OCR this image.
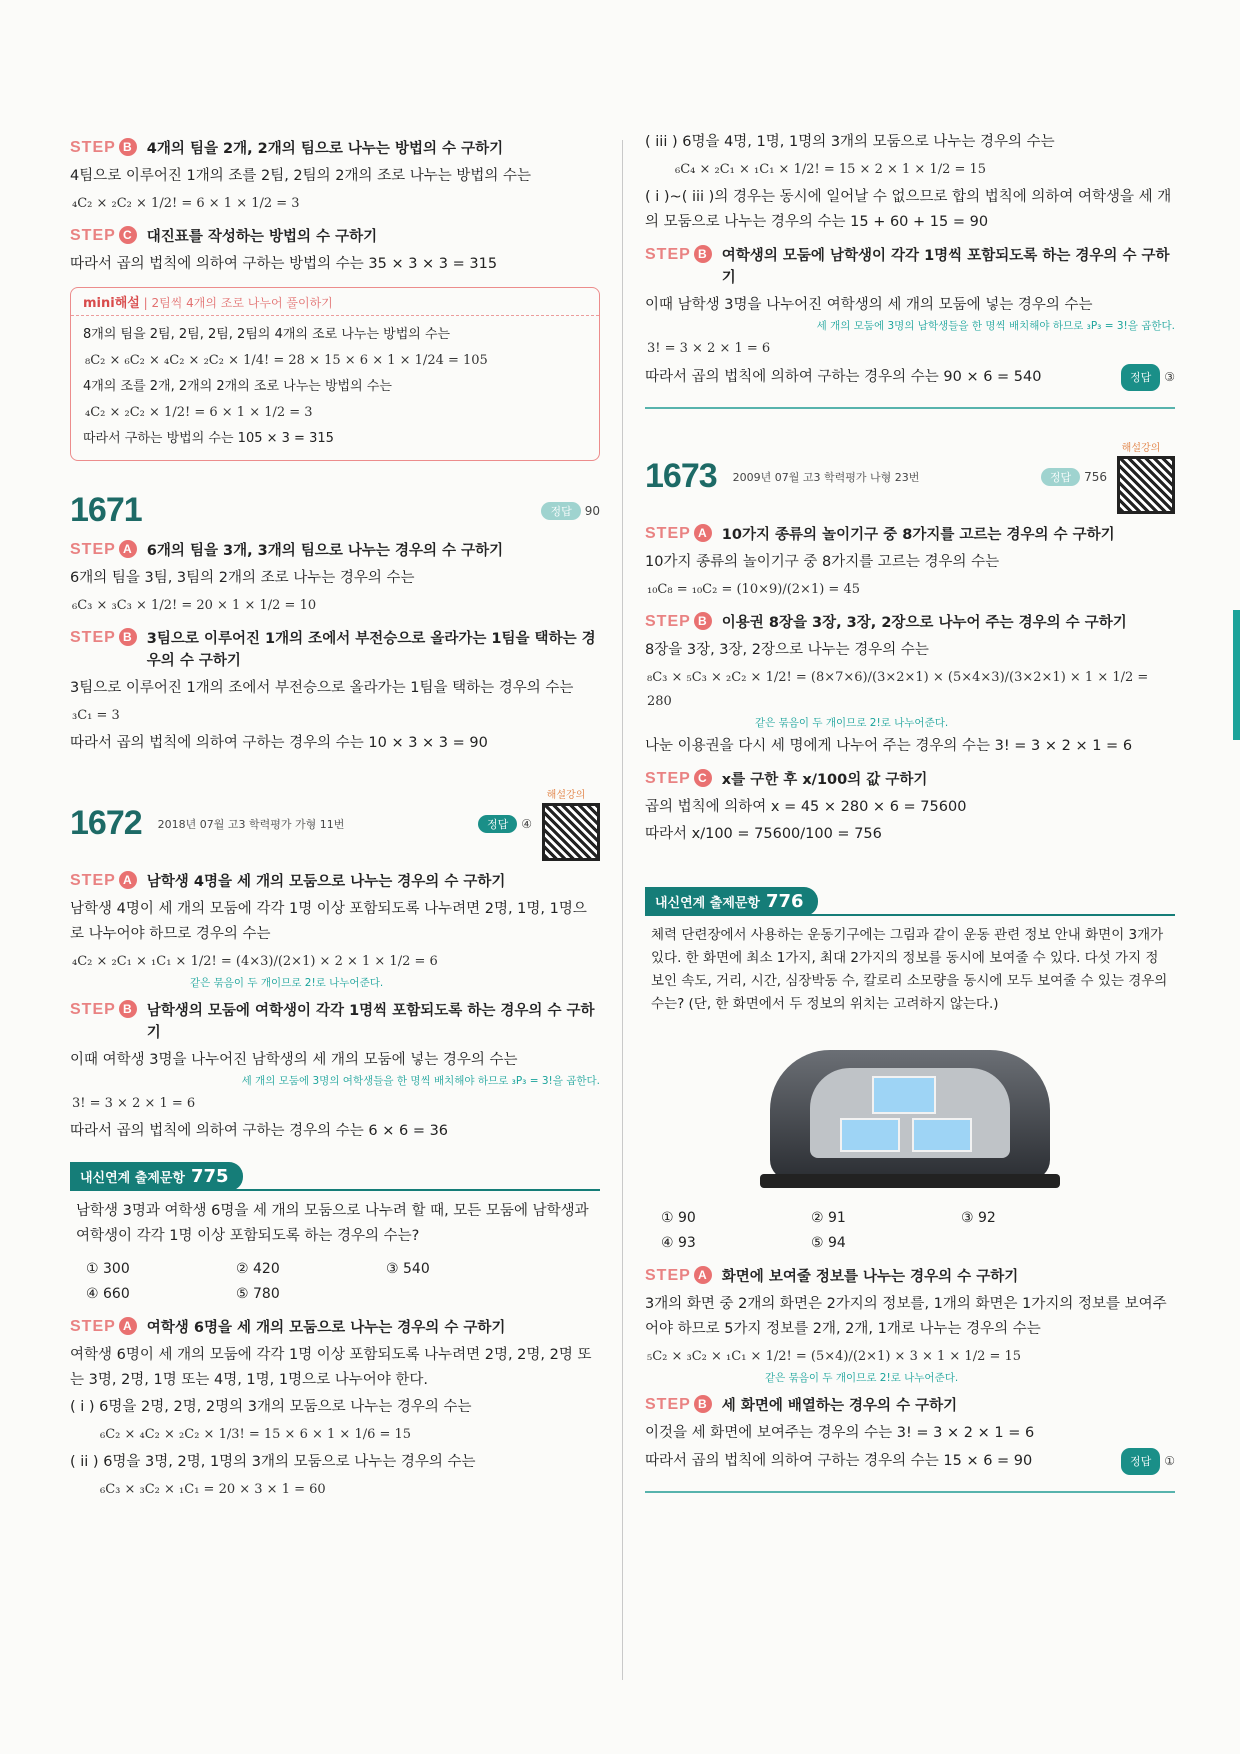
STEP B 4개의 팀을 2개, 2개의 팀으로 나누는 방법의 수 구하기
4팀으로 이루어진 1개의 조를 2팀, 2팀의 2개의 조로 나누는 방법의 수는
₄C₂ × ₂C₂ × 1/2! = 6 × 1 × 1/2 = 3
STEP C 대진표를 작성하는 방법의 수 구하기
따라서 곱의 법칙에 의하여 구하는 방법의 수는 35 × 3 × 3 = 315
mini해설 | 2팀씩 4개의 조로 나누어 풀이하기
8개의 팀을 2팀, 2팀, 2팀, 2팀의 4개의 조로 나누는 방법의 수는
₈C₂ × ₆C₂ × ₄C₂ × ₂C₂ × 1/4! = 28 × 15 × 6 × 1 × 1/24 = 105
4개의 조를 2개, 2개의 2개의 조로 나누는 방법의 수는
₄C₂ × ₂C₂ × 1/2! = 6 × 1 × 1/2 = 3
따라서 구하는 방법의 수는 105 × 3 = 315
1671	정답 90
STEP A 6개의 팀을 3개, 3개의 팀으로 나누는 경우의 수 구하기
6개의 팀을 3팀, 3팀의 2개의 조로 나누는 경우의 수는
₆C₃ × ₃C₃ × 1/2! = 20 × 1 × 1/2 = 10
STEP B 3팀으로 이루어진 1개의 조에서 부전승으로 올라가는 1팀을 택하는 경우의 수 구하기
3팀으로 이루어진 1개의 조에서 부전승으로 올라가는 1팀을 택하는 경우의 수는
₃C₁ = 3
따라서 곱의 법칙에 의하여 구하는 경우의 수는 10 × 3 × 3 = 90
1672 2018년 07월 고3 학력평가 가형 11번	정답 ④
해설강의
STEP A 남학생 4명을 세 개의 모둠으로 나누는 경우의 수 구하기
남학생 4명이 세 개의 모둠에 각각 1명 이상 포함되도록 나누려면 2명, 1명, 1명으로 나누어야 하므로 경우의 수는
₄C₂ × ₂C₁ × ₁C₁ × 1/2! = (4×3)/(2×1) × 2 × 1 × 1/2 = 6
같은 묶음이 두 개이므로 2!로 나누어준다.
STEP B 남학생의 모둠에 여학생이 각각 1명씩 포함되도록 하는 경우의 수 구하기
이때 여학생 3명을 나누어진 남학생의 세 개의 모둠에 넣는 경우의 수는
세 개의 모둠에 3명의 여학생들을 한 명씩 배치해야 하므로 ₃P₃ = 3!을 곱한다.
3! = 3 × 2 × 1 = 6
따라서 곱의 법칙에 의하여 구하는 경우의 수는 6 × 6 = 36
내신연계 출제문항 775
남학생 3명과 여학생 6명을 세 개의 모둠으로 나누려 할 때, 모든 모둠에 남학생과 여학생이 각각 1명 이상 포함되도록 하는 경우의 수는?
① 300	② 420	③ 540
④ 660	⑤ 780
STEP A 여학생 6명을 세 개의 모둠으로 나누는 경우의 수 구하기
여학생 6명이 세 개의 모둠에 각각 1명 이상 포함되도록 나누려면 2명, 2명, 2명 또는 3명, 2명, 1명 또는 4명, 1명, 1명으로 나누어야 한다.
( i ) 6명을 2명, 2명, 2명의 3개의 모둠으로 나누는 경우의 수는
₆C₂ × ₄C₂ × ₂C₂ × 1/3! = 15 × 6 × 1 × 1/6 = 15
( ii ) 6명을 3명, 2명, 1명의 3개의 모둠으로 나누는 경우의 수는
₆C₃ × ₃C₂ × ₁C₁ = 20 × 3 × 1 = 60
( iii ) 6명을 4명, 1명, 1명의 3개의 모둠으로 나누는 경우의 수는
₆C₄ × ₂C₁ × ₁C₁ × 1/2! = 15 × 2 × 1 × 1/2 = 15
( i )~( iii )의 경우는 동시에 일어날 수 없으므로 합의 법칙에 의하여 여학생을 세 개의 모둠으로 나누는 경우의 수는 15 + 60 + 15 = 90
STEP B 여학생의 모둠에 남학생이 각각 1명씩 포함되도록 하는 경우의 수 구하기
이때 남학생 3명을 나누어진 여학생의 세 개의 모둠에 넣는 경우의 수는
세 개의 모둠에 3명의 남학생들을 한 명씩 배치해야 하므로 ₃P₃ = 3!을 곱한다.
3! = 3 × 2 × 1 = 6
따라서 곱의 법칙에 의하여 구하는 경우의 수는 90 × 6 = 540	정답 ③
1673 2009년 07월 고3 학력평가 나형 23번	정답 756
해설강의
STEP A 10가지 종류의 놀이기구 중 8가지를 고르는 경우의 수 구하기
10가지 종류의 놀이기구 중 8가지를 고르는 경우의 수는
₁₀C₈ = ₁₀C₂ = (10×9)/(2×1) = 45
STEP B 이용권 8장을 3장, 3장, 2장으로 나누어 주는 경우의 수 구하기
8장을 3장, 3장, 2장으로 나누는 경우의 수는
₈C₃ × ₅C₃ × ₂C₂ × 1/2! = (8×7×6)/(3×2×1) × (5×4×3)/(3×2×1) × 1 × 1/2 = 280
같은 묶음이 두 개이므로 2!로 나누어준다.
나눈 이용권을 다시 세 명에게 나누어 주는 경우의 수는 3! = 3 × 2 × 1 = 6
STEP C x를 구한 후 x/100의 값 구하기
곱의 법칙에 의하여 x = 45 × 280 × 6 = 75600
따라서 x/100 = 75600/100 = 756
내신연계 출제문항 776
체력 단련장에서 사용하는 운동기구에는 그림과 같이 운동 관련 정보 안내 화면이 3개가 있다. 한 화면에 최소 1가지, 최대 2가지의 정보를 동시에 보여줄 수 있다. 다섯 가지 정보인 속도, 거리, 시간, 심장박동 수, 칼로리 소모량을 동시에 모두 보여줄 수 있는 경우의 수는? (단, 한 화면에서 두 정보의 위치는 고려하지 않는다.)
① 90	② 91	③ 92
④ 93	⑤ 94
STEP A 화면에 보여줄 정보를 나누는 경우의 수 구하기
3개의 화면 중 2개의 화면은 2가지의 정보를, 1개의 화면은 1가지의 정보를 보여주어야 하므로 5가지 정보를 2개, 2개, 1개로 나누는 경우의 수는
₅C₂ × ₃C₂ × ₁C₁ × 1/2! = (5×4)/(2×1) × 3 × 1 × 1/2 = 15
같은 묶음이 두 개이므로 2!로 나누어준다.
STEP B 세 화면에 배열하는 경우의 수 구하기
이것을 세 화면에 보여주는 경우의 수는 3! = 3 × 2 × 1 = 6
따라서 곱의 법칙에 의하여 구하는 경우의 수는 15 × 6 = 90	정답 ①
